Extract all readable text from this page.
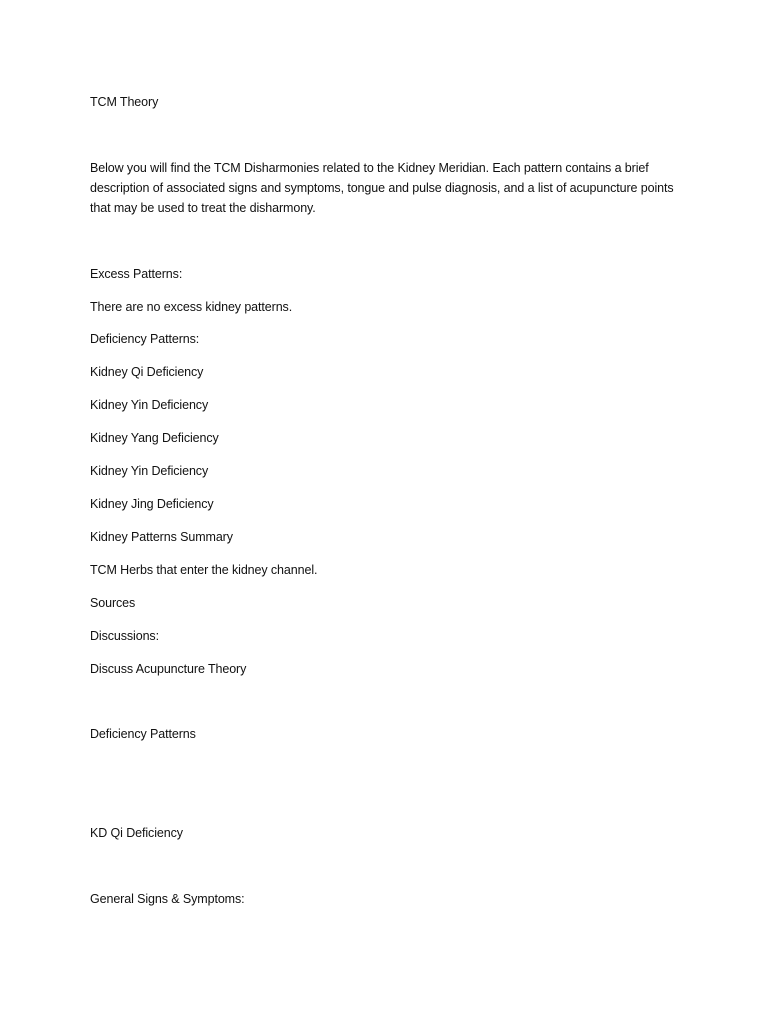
TCM Theory
Below you will find the TCM Disharmonies related to the Kidney Meridian. Each pattern contains a brief description of associated signs and symptoms, tongue and pulse diagnosis, and a list of acupuncture points that may be used to treat the disharmony.
Excess Patterns:
There are no excess kidney patterns.
Deficiency Patterns:
Kidney Qi Deficiency
Kidney Yin Deficiency
Kidney Yang Deficiency
Kidney Yin Deficiency
Kidney Jing Deficiency
Kidney Patterns Summary
TCM Herbs that enter the kidney channel.
Sources
Discussions:
Discuss Acupuncture Theory
Deficiency Patterns
KD Qi Deficiency
General Signs & Symptoms:
